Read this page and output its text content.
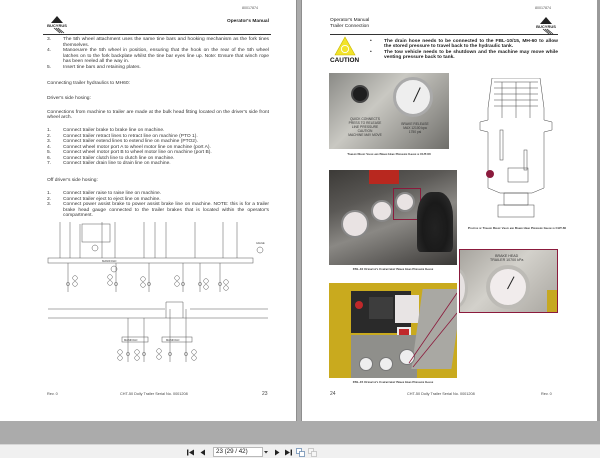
80017874
BUCYRUS
Operator's Manual
3.	The 5th wheel attachment uses the same tine bars and hooking mechanism as the fork tines themselves.
4.	Manoeuvre the 5th wheel in position, ensuring that the hook on the rear of the 5th wheel latches on to the fork backplate whilst the tine bar eyes line up. Note: Ensure that winch rope has been reeled all the way in.
5.	Insert tine bars and retaining plates.
Connecting trailer hydraulics to MH60:
Driver's side hosing:
Connections from machine to trailer are made at the bulk head fitting located on the driver's side front wheel arch.
1.	Connect trailer brake to brake line on machine.
2.	Connect trailer retract lines to retract line on machine (PTO 1).
3.	Connect trailer extend lines to extend line on machine (PTO2).
4.	Connect wheel motor port A to wheel motor line on machine (port A).
5.	Connect wheel motor port B to wheel motor line on machine (port B).
6.	Connect trailer clutch line to clutch line on machine.
7.	Connect trailer drain line to drain line on machine.
Off driver's side hosing:
1.	Connect trailer raise to raise line on machine.
2.	Connect trailer eject to eject line on machine.
3.	Connect power assist brake to power assist brake line on machine. NOTE: this is for a trailer brake head gauge connected to the trailer brakes that is located within the operator's compartment.
MANIFOLD
GAUGE
MANIFOLD	MANIFOLD
Rev. 0	CHT-50 Dolly Trailer Serial No. 0001208	23
80017874
Operator's Manual
Trailer Connection	BUCYRUS
CAUTION
•	The drain hose needs to be connected to the FBL-10/15, MH-60 to allow the stored pressure to travel back to the hydraulic tank.
•	The tow vehicle needs to be shutdown and the machine may move while venting pressure back to tank.
QUICK CONNECTS
PRESS TO RELEASE
LINE PRESSURE
CAUTION
MACHINE MAY MOVE
BRAKE RELEASE
MAX 12100 kpa
1750 psi
Trailer Relief Valve and Brake Head Pressure Gauge in CHT-60
Position of Trailer Relief Valve and Brake Head Pressure Gauge in CHT-60
FBL-10 Operator's Compartment Brake Head Pressure Gauge
BRAKE HEAD
TRAILER 10700 kPa
FBL-15 Operator's Compartment Brake Head Pressure Gauge
24	CHT-50 Dolly Trailer Serial No. 0001208	Rev. 0
23 (29 / 42)
